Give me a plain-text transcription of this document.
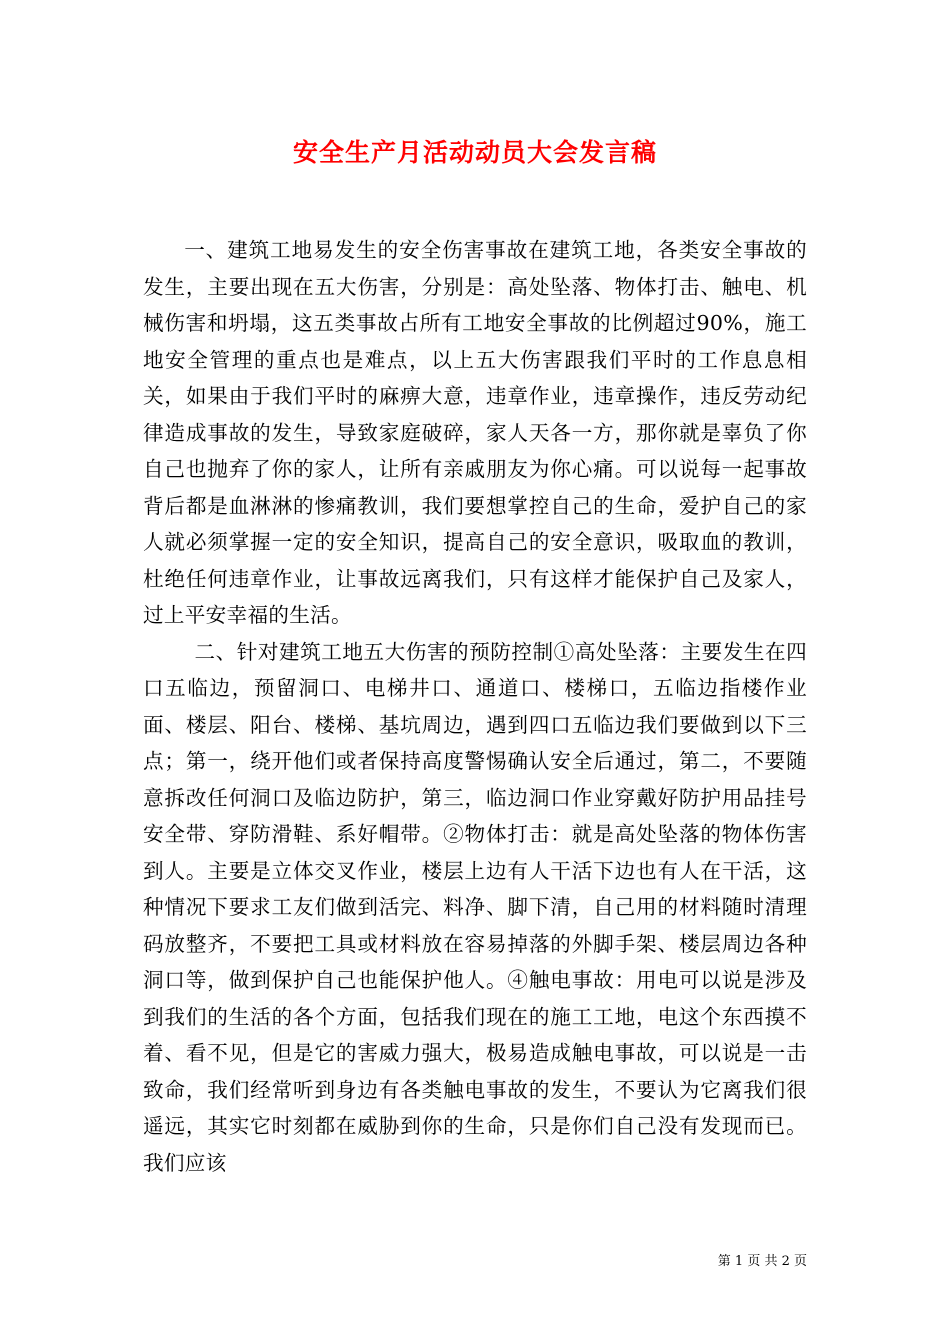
安全生产月活动动员大会发言稿

一、建筑工地易发生的安全伤害事故在建筑工地，各类安全事故的发生，主要出现在五大伤害，分别是：高处坠落、物体打击、触电、机械伤害和坍塌，这五类事故占所有工地安全事故的比例超过90%，施工地安全管理的重点也是难点，以上五大伤害跟我们平时的工作息息相关，如果由于我们平时的麻痹大意，违章作业，违章操作，违反劳动纪律造成事故的发生，导致家庭破碎，家人天各一方，那你就是辜负了你自己也抛弃了你的家人，让所有亲戚朋友为你心痛。可以说每一起事故背后都是血淋淋的惨痛教训，我们要想掌控自己的生命，爱护自己的家人就必须掌握一定的安全知识，提高自己的安全意识，吸取血的教训，杜绝任何违章作业，让事故远离我们，只有这样才能保护自己及家人，过上平安幸福的生活。

二、针对建筑工地五大伤害的预防控制①高处坠落：主要发生在四口五临边，预留洞口、电梯井口、通道口、楼梯口，五临边指楼作业面、楼层、阳台、楼梯、基坑周边，遇到四口五临边我们要做到以下三点；第一，绕开他们或者保持高度警惕确认安全后通过，第二，不要随意拆改任何洞口及临边防护，第三，临边洞口作业穿戴好防护用品挂号安全带、穿防滑鞋、系好帽带。②物体打击：就是高处坠落的物体伤害到人。主要是立体交叉作业，楼层上边有人干活下边也有人在干活，这种情况下要求工友们做到活完、料净、脚下清，自己用的材料随时清理码放整齐，不要把工具或材料放在容易掉落的外脚手架、楼层周边各种洞口等，做到保护自己也能保护他人。④触电事故：用电可以说是涉及到我们的生活的各个方面，包括我们现在的施工工地，电这个东西摸不着、看不见，但是它的害威力强大，极易造成触电事故，可以说是一击致命，我们经常听到身边有各类触电事故的发生，不要认为它离我们很遥远，其实它时刻都在威胁到你的生命，只是你们自己没有发现而已。我们应该

第 1 页 共 2 页
